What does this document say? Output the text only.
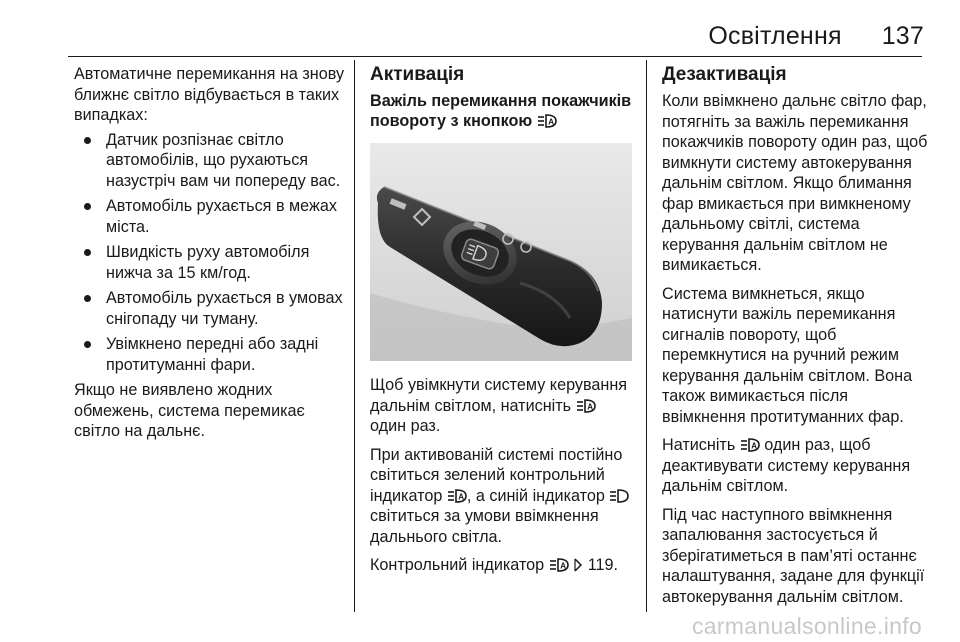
Освітлення 137

Автоматичне перемикання на знову ближнє світло відбувається в таких випадках:

Датчик розпізнає світло автомобілів, що рухаються назустріч вам чи попереду вас.
Автомобіль рухається в межах міста.
Швидкість руху автомобіля нижча за 15 км/год.
Автомобіль рухається в умовах снігопаду чи туману.
Увімкнено передні або задні протитуманні фари.

Якщо не виявлено жодних обмежень, система перемикає світло на дальнє.

Активація
Важіль перемикання покажчиків повороту з кнопкою A

Щоб увімкнути систему керування дальнім світлом, натисніть A
один раз.

При активованій системі постійно світиться зелений контрольний індикатор A , а синій індикатор  світиться за умови ввімкнення дальнього світла.

Контрольний індикатор A 119.

Дезактивація

Коли ввімкнено дальнє світло фар, потягніть за важіль перемикання покажчиків повороту один раз, щоб вимкнути систему автокерування дальнім світлом. Якщо блимання фар вмикається при вимкненому дальньому світлі, система керування дальнім світлом не вимикається.

Система вимкнеться, якщо натиснути важіль перемикання сигналів повороту, щоб перемкнутися на ручний режим керування дальнім світлом. Вона також вимикається після ввімкнення протитуманних фар.

Натисніть A один раз, щоб деактивувати систему керування дальнім світлом.

Під час наступного ввімкнення запалювання застосується й зберігатиметься в пам’яті останнє налаштування, задане для функції автокерування дальнім світлом.

carmanualsonline.info
